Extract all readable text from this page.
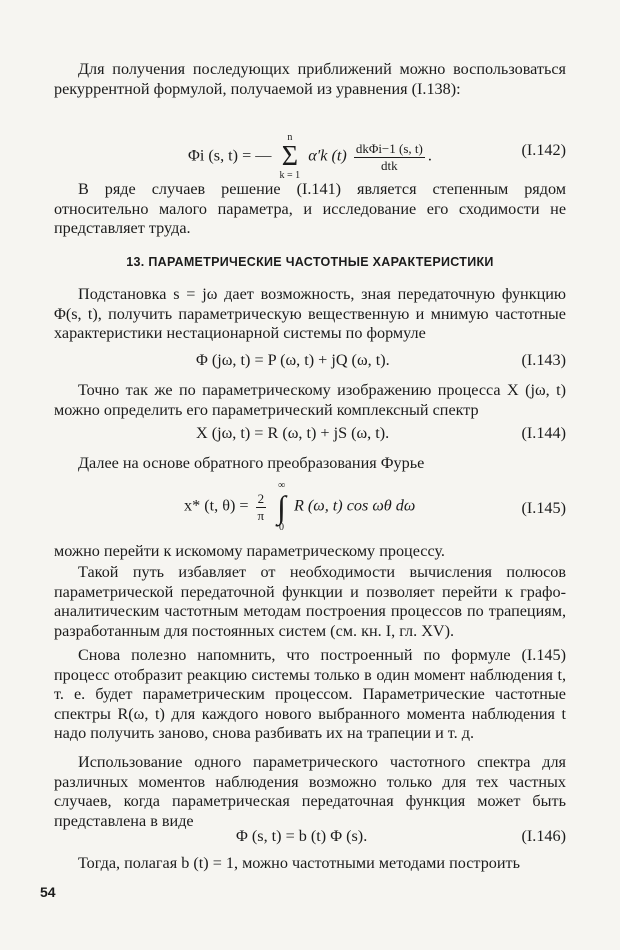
Для получения последующих приближений можно воспользоваться рекуррентной формулой, получаемой из уравнения (I.138):

Φi (s, t) = —
n
Σ
k = 1
α′k $(t) \frac{\text{dkΦi−1 (s, t)}}{\text{dtk}}$ .	(I.142)

В ряде случаев решение (I.141) является степенным рядом относительно малого параметра, и исследование его сходимости не представляет труда.

13. ПАРАМЕТРИЧЕСКИЕ ЧАСТОТНЫЕ ХАРАКТЕРИСТИКИ

Подстановка s = jω дает возможность, зная передаточную функцию Φ(s, t), получить параметрическую вещественную и мнимую частотные характеристики нестационарной системы по формуле

Φ (jω, t) = P (ω, t) + jQ (ω, t).	(I.143)

Точно так же по параметрическому изображению процесса X (jω, t) можно определить его параметрический комплексный спектр

X (jω, t) = R (ω, t) + jS (ω, t).	(I.144)

Далее на основе обратного преобразования Фурье

x* (t, $\theta) = \frac{2}{\pi}$

∞
∫
0
R (ω, t) cos ωθ dω	(I.145)

можно перейти к искомому параметрическому процессу.

Такой путь избавляет от необходимости вычисления полюсов параметрической передаточной функции и позволяет перейти к графо-аналитическим частотным методам построения процессов по трапециям, разработанным для постоянных систем (см. кн. I, гл. XV).

Снова полезно напомнить, что построенный по формуле (I.145) процесс отобразит реакцию системы только в один момент наблюдения t, т. е. будет параметрическим процессом. Параметрические частотные спектры R(ω, t) для каждого нового выбранного момента наблюдения t надо получить заново, снова разбивать их на трапеции и т. д.

Использование одного параметрического частотного спектра для различных моментов наблюдения возможно только для тех частных случаев, когда параметрическая передаточная функция может быть представлена в виде

Φ (s, t) = b (t) Φ (s).	(I.146)

Тогда, полагая b (t) = 1, можно частотными методами построить

54
